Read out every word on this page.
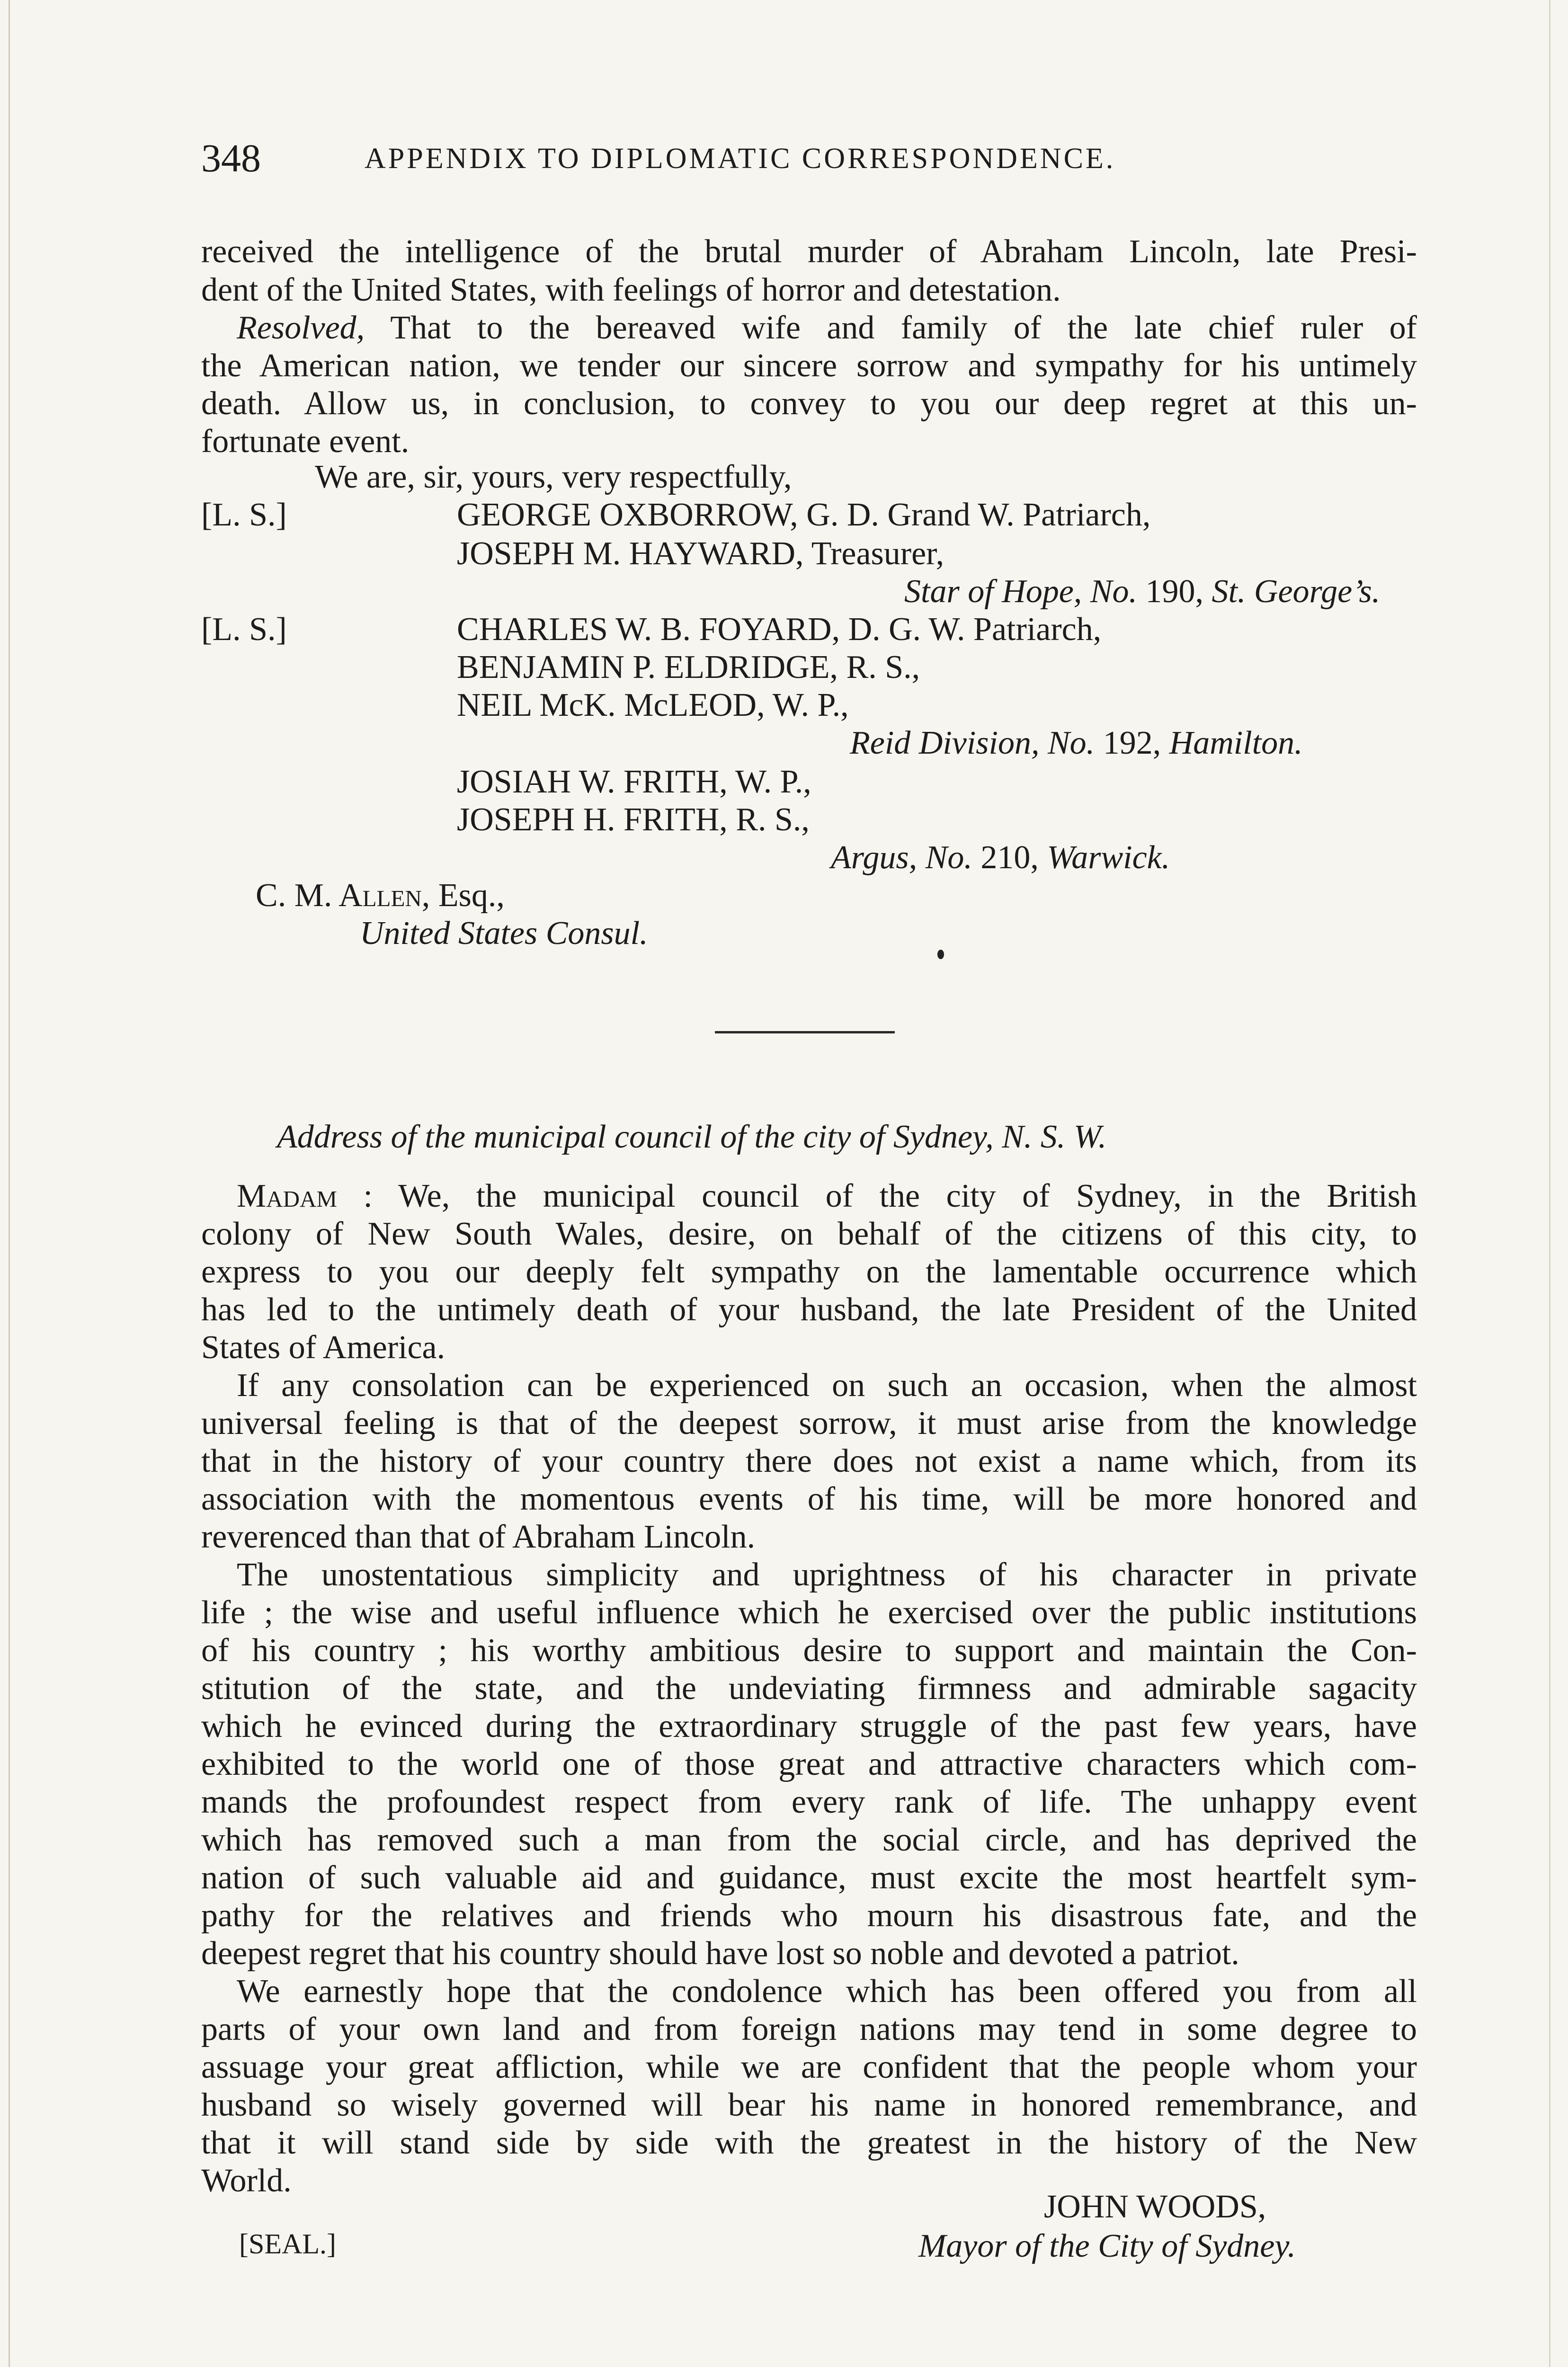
348	APPENDIX TO DIPLOMATIC CORRESPONDENCE.
received the intelligence of the brutal murder of Abraham Lincoln, late Presi-
dent of the United States, with feelings of horror and detestation.
Resolved, That to the bereaved wife and family of the late chief ruler of
the American nation, we tender our sincere sorrow and sympathy for his untimely
death. Allow us, in conclusion, to convey to you our deep regret at this un-
fortunate event.
We are, sir, yours, very respectfully,
[L. S.]	GEORGE OXBORROW, G. D. Grand W. Patriarch,
JOSEPH M. HAYWARD, Treasurer,
Star of Hope, No. 190, St. George’s.
[L. S.]	CHARLES W. B. FOYARD, D. G. W. Patriarch,
BENJAMIN P. ELDRIDGE, R. S.,
NEIL McK. McLEOD, W. P.,
Reid Division, No. 192, Hamilton.
JOSIAH W. FRITH, W. P.,
JOSEPH H. FRITH, R. S.,
Argus, No. 210, Warwick.
C. M. Allen, Esq.,
United States Consul.
Address of the municipal council of the city of Sydney, N. S. W.
Madam : We, the municipal council of the city of Sydney, in the British
colony of New South Wales, desire, on behalf of the citizens of this city, to
express to you our deeply felt sympathy on the lamentable occurrence which
has led to the untimely death of your husband, the late President of the United
States of America.
If any consolation can be experienced on such an occasion, when the almost
universal feeling is that of the deepest sorrow, it must arise from the knowledge
that in the history of your country there does not exist a name which, from its
association with the momentous events of his time, will be more honored and
reverenced than that of Abraham Lincoln.
The unostentatious simplicity and uprightness of his character in private
life ; the wise and useful influence which he exercised over the public institutions
of his country ; his worthy ambitious desire to support and maintain the Con-
stitution of the state, and the undeviating firmness and admirable sagacity
which he evinced during the extraordinary struggle of the past few years, have
exhibited to the world one of those great and attractive characters which com-
mands the profoundest respect from every rank of life. The unhappy event
which has removed such a man from the social circle, and has deprived the
nation of such valuable aid and guidance, must excite the most heartfelt sym-
pathy for the relatives and friends who mourn his disastrous fate, and the
deepest regret that his country should have lost so noble and devoted a patriot.
We earnestly hope that the condolence which has been offered you from all
parts of your own land and from foreign nations may tend in some degree to
assuage your great affliction, while we are confident that the people whom your
husband so wisely governed will bear his name in honored remembrance, and
that it will stand side by side with the greatest in the history of the New
World.
JOHN WOODS,
[SEAL.]	Mayor of the City of Sydney.
